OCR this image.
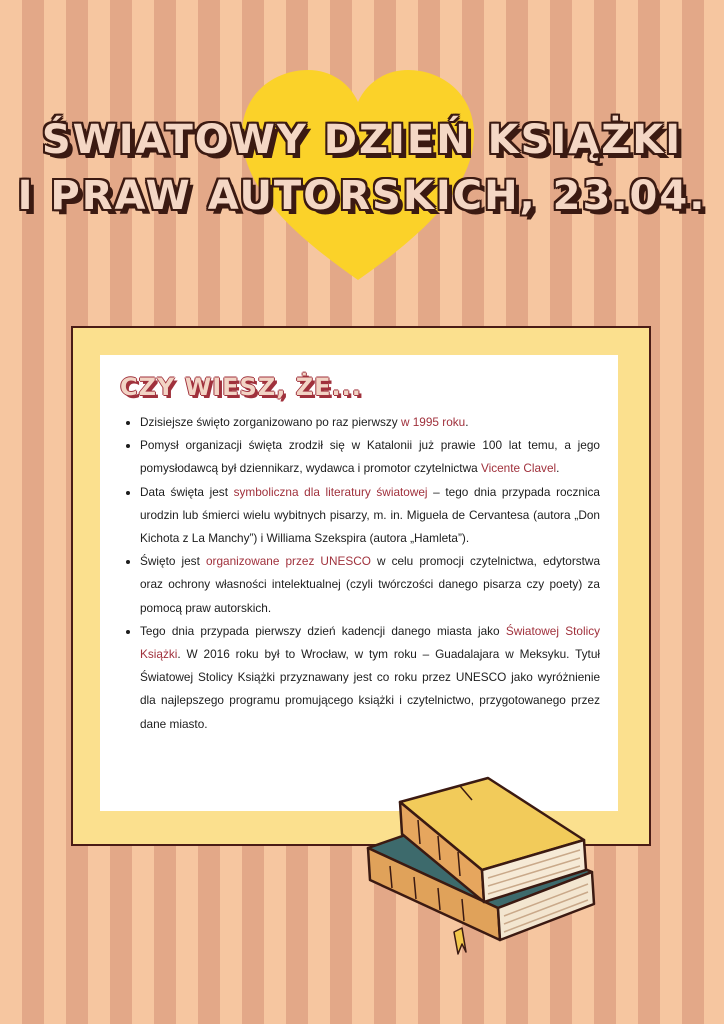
ŚWIATOWY DZIEŃ KSIĄŻKI
I PRAW AUTORSKICH, 23.04.
CZY WIESZ, ŻE...
• Dzisiejsze święto zorganizowano po raz pierwszy w 1995 roku.
• Pomysł organizacji święta zrodził się w Katalonii już prawie 100 lat temu, a jego pomysłodawcą był dziennikarz, wydawca i promotor czytelnictwa Vicente Clavel.
• Data święta jest symboliczna dla literatury światowej – tego dnia przypada rocznica urodzin lub śmierci wielu wybitnych pisarzy, m. in. Miguela de Cervantesa (autora „Don Kichota z La Manchy”) i Williama Szekspira (autora „Hamleta”).
• Święto jest organizowane przez UNESCO w celu promocji czytelnictwa, edytorstwa oraz ochrony własności intelektualnej (czyli twórczości danego pisarza czy poety) za pomocą praw autorskich.
• Tego dnia przypada pierwszy dzień kadencji danego miasta jako Światowej Stolicy Książki. W 2016 roku był to Wrocław, w tym roku – Guadalajara w Meksyku. Tytuł Światowej Stolicy Książki przyznawany jest co roku przez UNESCO jako wyróżnienie dla najlepszego programu promującego książki i czytelnictwo, przygotowanego przez dane miasto.
